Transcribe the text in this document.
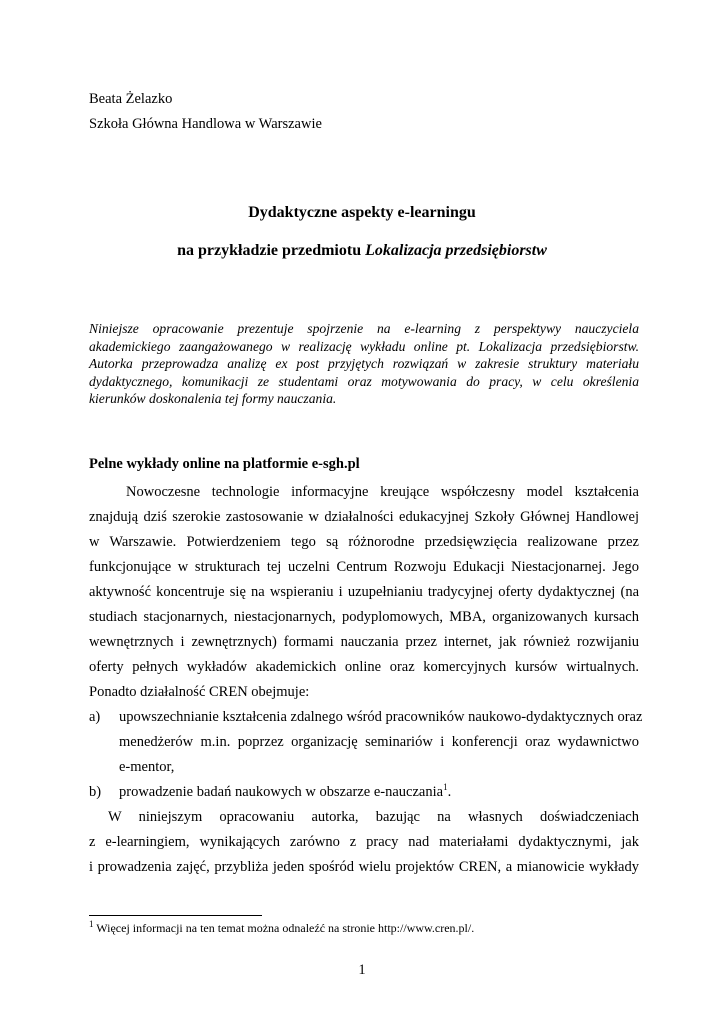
Beata Żelazko
Szkoła Główna Handlowa w Warszawie
Dydaktyczne aspekty e-learningu
na przykładzie przedmiotu Lokalizacja przedsiębiorstw
Niniejsze opracowanie prezentuje spojrzenie na e-learning z perspektywy nauczyciela
akademickiego zaangażowanego w realizację wykładu online pt. Lokalizacja przedsiębiorstw.
Autorka przeprowadza analizę ex post przyjętych rozwiązań w zakresie struktury materiału
dydaktycznego, komunikacji ze studentami oraz motywowania do pracy, w celu określenia
kierunków doskonalenia tej formy nauczania.
Pelne wykłady online na platformie e-sgh.pl
Nowoczesne technologie informacyjne kreujące współczesny model kształcenia
znajdują dziś szerokie zastosowanie w działalności edukacyjnej Szkoły Głównej Handlowej
w Warszawie. Potwierdzeniem tego są różnorodne przedsięwzięcia realizowane przez
funkcjonujące w strukturach tej uczelni Centrum Rozwoju Edukacji Niestacjonarnej. Jego
aktywność koncentruje się na wspieraniu i uzupełnianiu tradycyjnej oferty dydaktycznej (na
studiach stacjonarnych, niestacjonarnych, podyplomowych, MBA, organizowanych kursach
wewnętrznych i zewnętrznych) formami nauczania przez internet, jak również rozwijaniu
oferty pełnych wykładów akademickich online oraz komercyjnych kursów wirtualnych.
Ponadto działalność CREN obejmuje:
a) upowszechnianie kształcenia zdalnego wśród pracowników naukowo-dydaktycznych oraz
menedżerów m.in. poprzez organizację seminariów i konferencji oraz wydawnictwo
e-mentor,
b) prowadzenie badań naukowych w obszarze e-nauczania$^1$.
W niniejszym opracowaniu autorka, bazując na własnych doświadczeniach
z e-learningiem, wynikających zarówno z pracy nad materiałami dydaktycznymi, jak
i prowadzenia zajęć, przybliża jeden spośród wielu projektów CREN, a mianowicie wykłady
$^1$ Więcej informacji na ten temat można odnaleźć na stronie http://www.cren.pl/.
1
